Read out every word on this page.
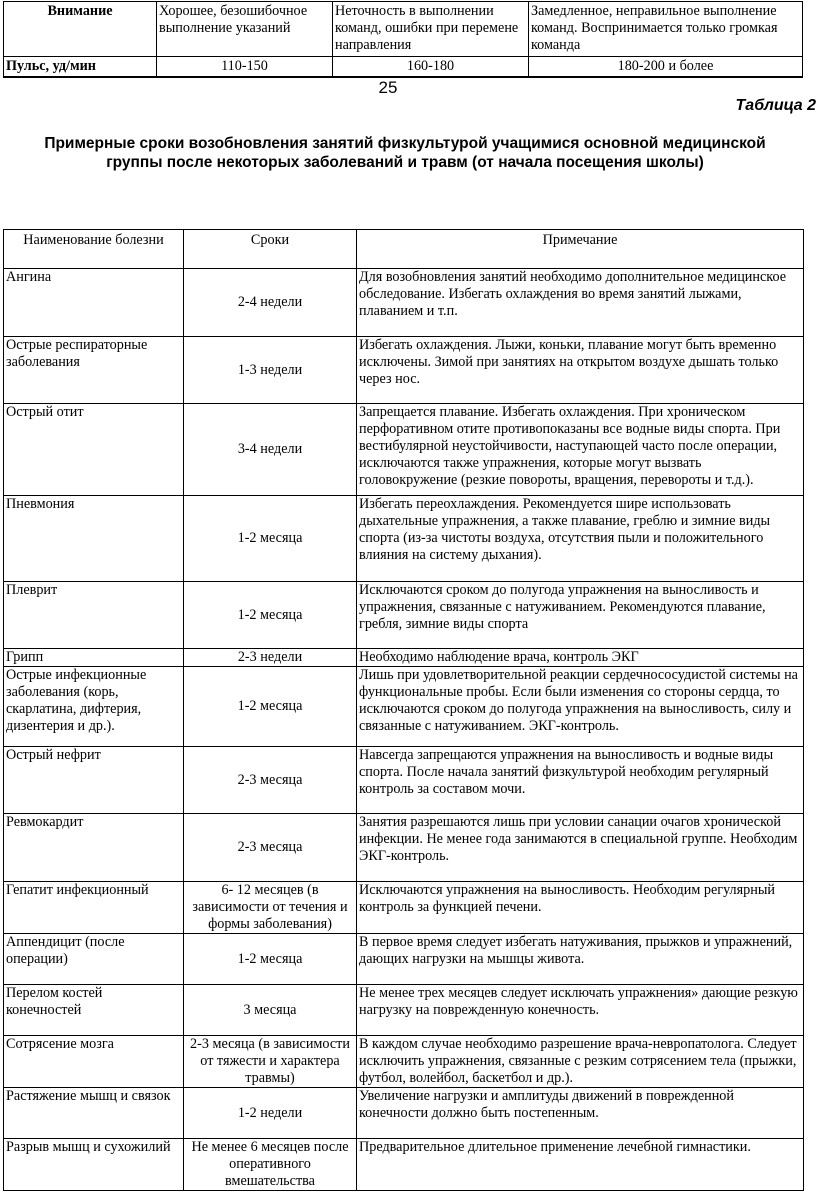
Внимание	Хорошее, безошибочное выполнение указаний	Неточность в выполнении команд, ошибки при перемене направления	Замедленное, неправильное выполнение команд. Воспринимается только громкая команда
Пульс, уд/мин	110-150	160-180	180-200 и более
25
Таблица 2
Примерные сроки возобновления занятий физкультурой учащимися основной медицинской группы после некоторых заболеваний и травм (от начала посещения школы)
Наименование болезни	Сроки	Примечание
Ангина	2-4 недели	Для возобновления занятий необходимо дополнительное медицинское обследование. Избегать охлаждения во время занятий лыжами, плаванием и т.п.
Острые респираторные заболевания	1-3 недели	Избегать охлаждения. Лыжи, коньки, плавание могут быть временно исключены. Зимой при занятиях на открытом воздухе дышать только через нос.
Острый отит	3-4 недели	Запрещается плавание. Избегать охлаждения. При хроническом перфоративном отите противопоказаны все водные виды спорта. При вестибулярной неустойчивости, наступающей часто после операции, исключаются также упражнения, которые могут вызвать головокружение (резкие повороты, вращения, перевороты и т.д.).
Пневмония	1-2 месяца	Избегать переохлаждения. Рекомендуется шире использовать дыхательные упражнения, а также плавание, греблю и зимние виды спорта (из-за чистоты воздуха, отсутствия пыли и положительного влияния на систему дыхания).
Плеврит	1-2 месяца	Исключаются сроком до полугода упражнения на выносливость и упражнения, связанные с натуживанием. Рекомендуются плавание, гребля, зимние виды спорта
Грипп	2-3 недели	Необходимо наблюдение врача, контроль ЭКГ
Острые инфекционные заболевания (корь, скарлатина, дифтерия, дизентерия и др.).	1-2 месяца	Лишь при удовлетворительной реакции сердечнососудистой системы на функциональные пробы. Если были изменения со стороны сердца, то исключаются сроком до полугода упражнения на выносливость, силу и связанные с натуживанием. ЭКГ-контроль.
Острый нефрит	2-3 месяца	Навсегда запрещаются упражнения на выносливость и водные виды спорта. После начала занятий физкультурой необходим регулярный контроль за составом мочи.
Ревмокардит	2-3 месяца	Занятия разрешаются лишь при условии санации очагов хронической инфекции. Не менее года занимаются в специальной группе. Необходим ЭКГ-контроль.
Гепатит инфекционный	6- 12 месяцев (в зависимости от течения и формы заболевания)	Исключаются упражнения на выносливость. Необходим регулярный контроль за функцией печени.
Аппендицит (после операции)	1-2 месяца	В первое время следует избегать натуживания, прыжков и упражнений, дающих нагрузки на мышцы живота.
Перелом костей конечностей	3 месяца	Не менее трех месяцев следует исключать упражнения» дающие резкую нагрузку на поврежденную конечность.
Сотрясение мозга	2-3 месяца (в зависимости от тяжести и характера травмы)	В каждом случае необходимо разрешение врача-невропатолога. Следует исключить упражнения, связанные с резким сотрясением тела (прыжки, футбол, волейбол, баскетбол и др.).
Растяжение мышц и связок	1-2 недели	Увеличение нагрузки и амплитуды движений в поврежденной конечности должно быть постепенным.
Разрыв мышц и сухожилий	Не менее 6 месяцев после оперативного вмешательства	Предварительное длительное применение лечебной гимнастики.
